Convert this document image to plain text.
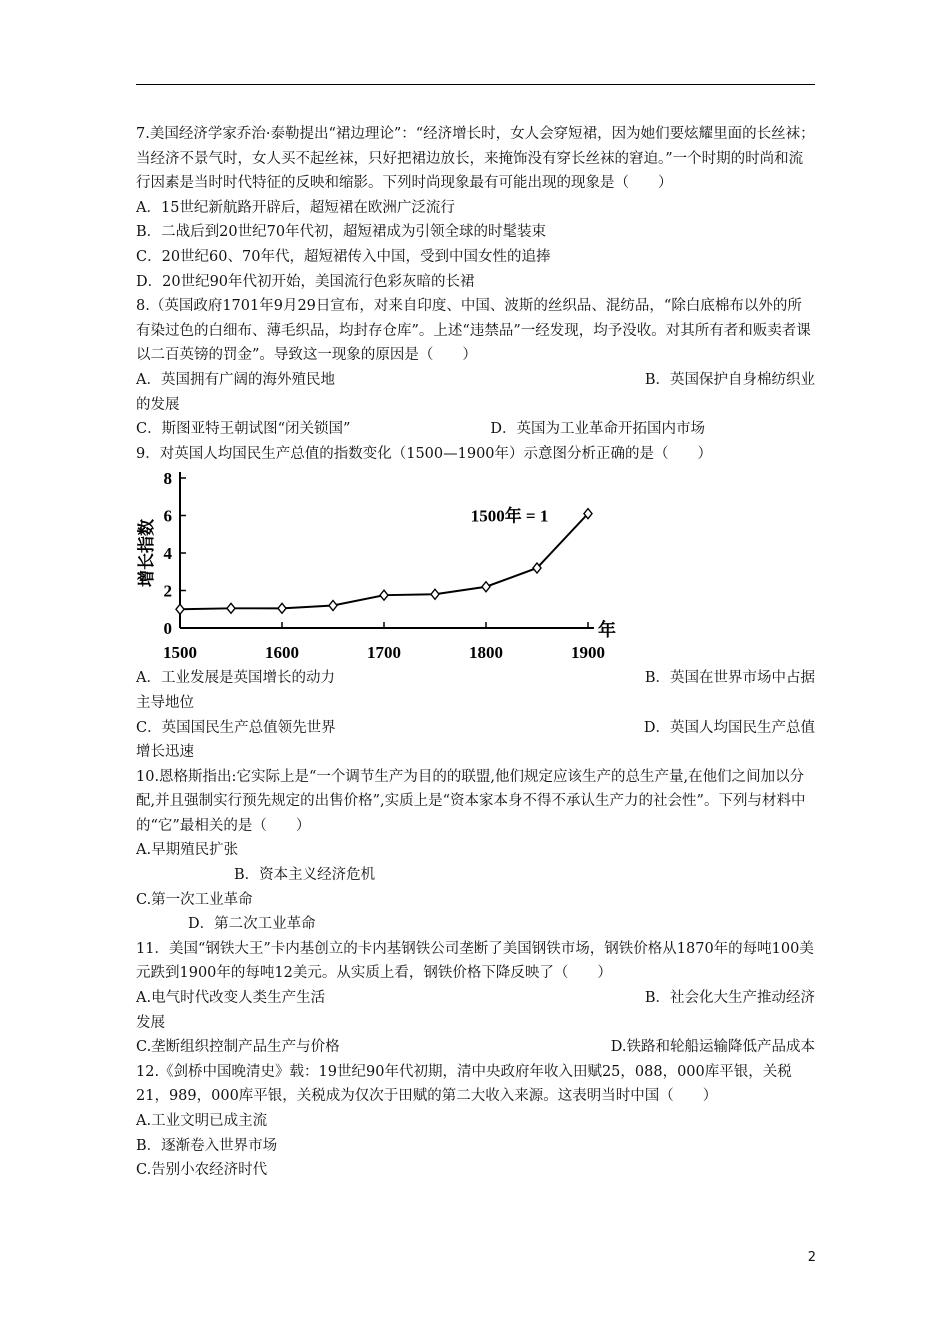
7.美国经济学家乔治·泰勒提出“裙边理论”：“经济增长时，女人会穿短裙，因为她们要炫耀里面的长丝袜；当经济不景气时，女人买不起丝袜，只好把裙边放长，来掩饰没有穿长丝袜的窘迫。”一个时期的时尚和流行因素是当时时代特征的反映和缩影。下列时尚现象最有可能出现的现象是（　　）
A．15世纪新航路开辟后，超短裙在欧洲广泛流行
B．二战后到20世纪70年代初，超短裙成为引领全球的时髦装束
C．20世纪60、70年代，超短裙传入中国，受到中国女性的追捧
D．20世纪90年代初开始，美国流行色彩灰暗的长裙
8.（英国政府1701年9月29日宣布，对来自印度、中国、波斯的丝织品、混纺品，“除白底棉布以外的所有染过色的白细布、薄毛织品，均封存仓库”。上述“违禁品”一经发现，均予没收。对其所有者和贩卖者课以二百英镑的罚金”。导致这一现象的原因是（　　）
A．英国拥有广阔的海外殖民地	B．英国保护自身棉纺织业
的发展
C．斯图亚特王朝试图“闭关锁国”	D．英国为工业革命开拓国内市场
9．对英国人均国民生产总值的指数变化（1500—1900年）示意图分析正确的是（　　）
0
2
4
6
8
1500	1600	1700	1800	1900
增长指数
年
1500年 = 1
A．工业发展是英国增长的动力	B．英国在世界市场中占据
主导地位
C．英国国民生产总值领先世界	D．英国人均国民生产总值
增长迅速
10.恩格斯指出:它实际上是“一个调节生产为目的的联盟,他们规定应该生产的总生产量,在他们之间加以分配,并且强制实行预先规定的出售价格”,实质上是“资本家本身不得不承认生产力的社会性”。下列与材料中的“它”最相关的是（　　）
A.早期殖民扩张
B．资本主义经济危机
C.第一次工业革命
D．第二次工业革命
11．美国“钢铁大王”卡内基创立的卡内基钢铁公司垄断了美国钢铁市场，钢铁价格从1870年的每吨100美元跌到1900年的每吨12美元。从实质上看，钢铁价格下降反映了（　　）
A.电气时代改变人类生产生活	B．社会化大生产推动经济
发展
C.垄断组织控制产品生产与价格	D.铁路和轮船运输降低产品成本
12.《剑桥中国晚清史》载：19世纪90年代初期，清中央政府年收入田赋25，088，000库平银，关税21，989，000库平银，关税成为仅次于田赋的第二大收入来源。这表明当时中国（　　）
A.工业文明已成主流
B．逐渐卷入世界市场
C.告别小农经济时代
2
